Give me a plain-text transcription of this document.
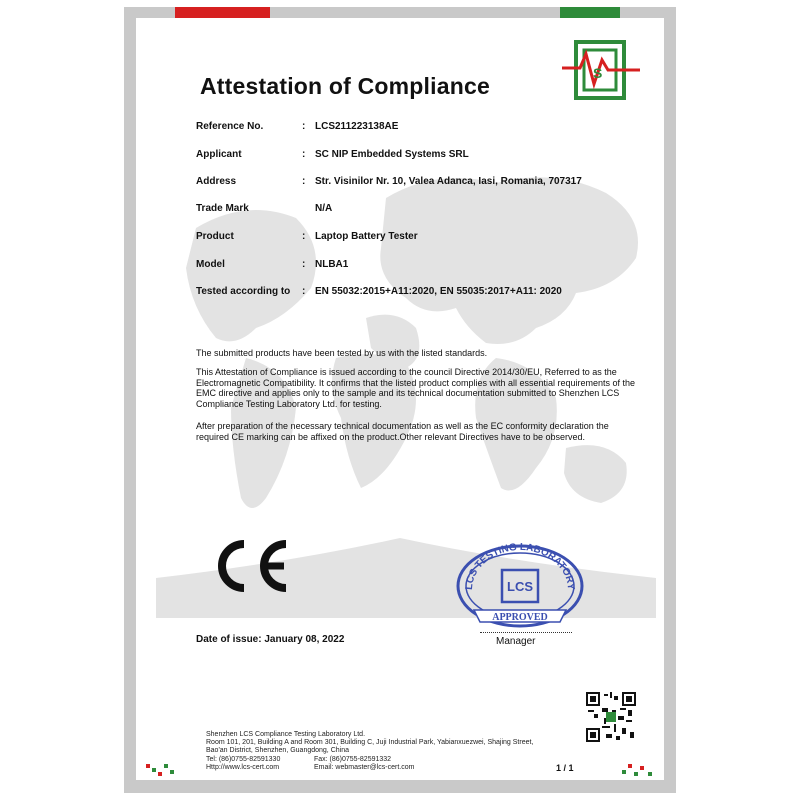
Attestation of Compliance	S
Reference No.	: LCS211223138AE
Applicant	: SC NIP Embedded Systems SRL
Address	: Str. Visinilor Nr. 10, Valea Adanca, Iasi, Romania, 707317
Trade Mark	N/A
Product	: Laptop Battery Tester
Model	: NLBA1
Tested according to	: EN 55032:2015+A11:2020, EN 55035:2017+A11: 2020

The submitted products have been tested by us with the listed standards.

This Attestation of Compliance is issued according to the council Directive 2014/30/EU, Referred to as the Electromagnetic Compatibility. It confirms that the listed product complies with all essential requirements of the EMC directive and applies only to the sample and its technical documentation submitted to Shenzhen LCS Compliance Testing Laboratory Ltd. for testing.

After preparation of the necessary technical documentation as well as the EC conformity declaration the required CE marking can be affixed on the product.Other relevant Directives have to be observed.

LCS TESTING LABORATORY
LCS
APPROVED
Date of issue: January 08, 2022	Manager
Shenzhen LCS Compliance Testing Laboratory Ltd.
Room 101, 201, Building A and Room 301, Building C, Juji Industrial Park, Yabianxuezwei, Shajing Street,
Bao'an District, Shenzhen, Guangdong, China
Tel: (86)0755-82591330	Fax: (86)0755-82591332
Http://www.lcs-cert.com	Email: webmaster@lcs-cert.com	1 / 1
